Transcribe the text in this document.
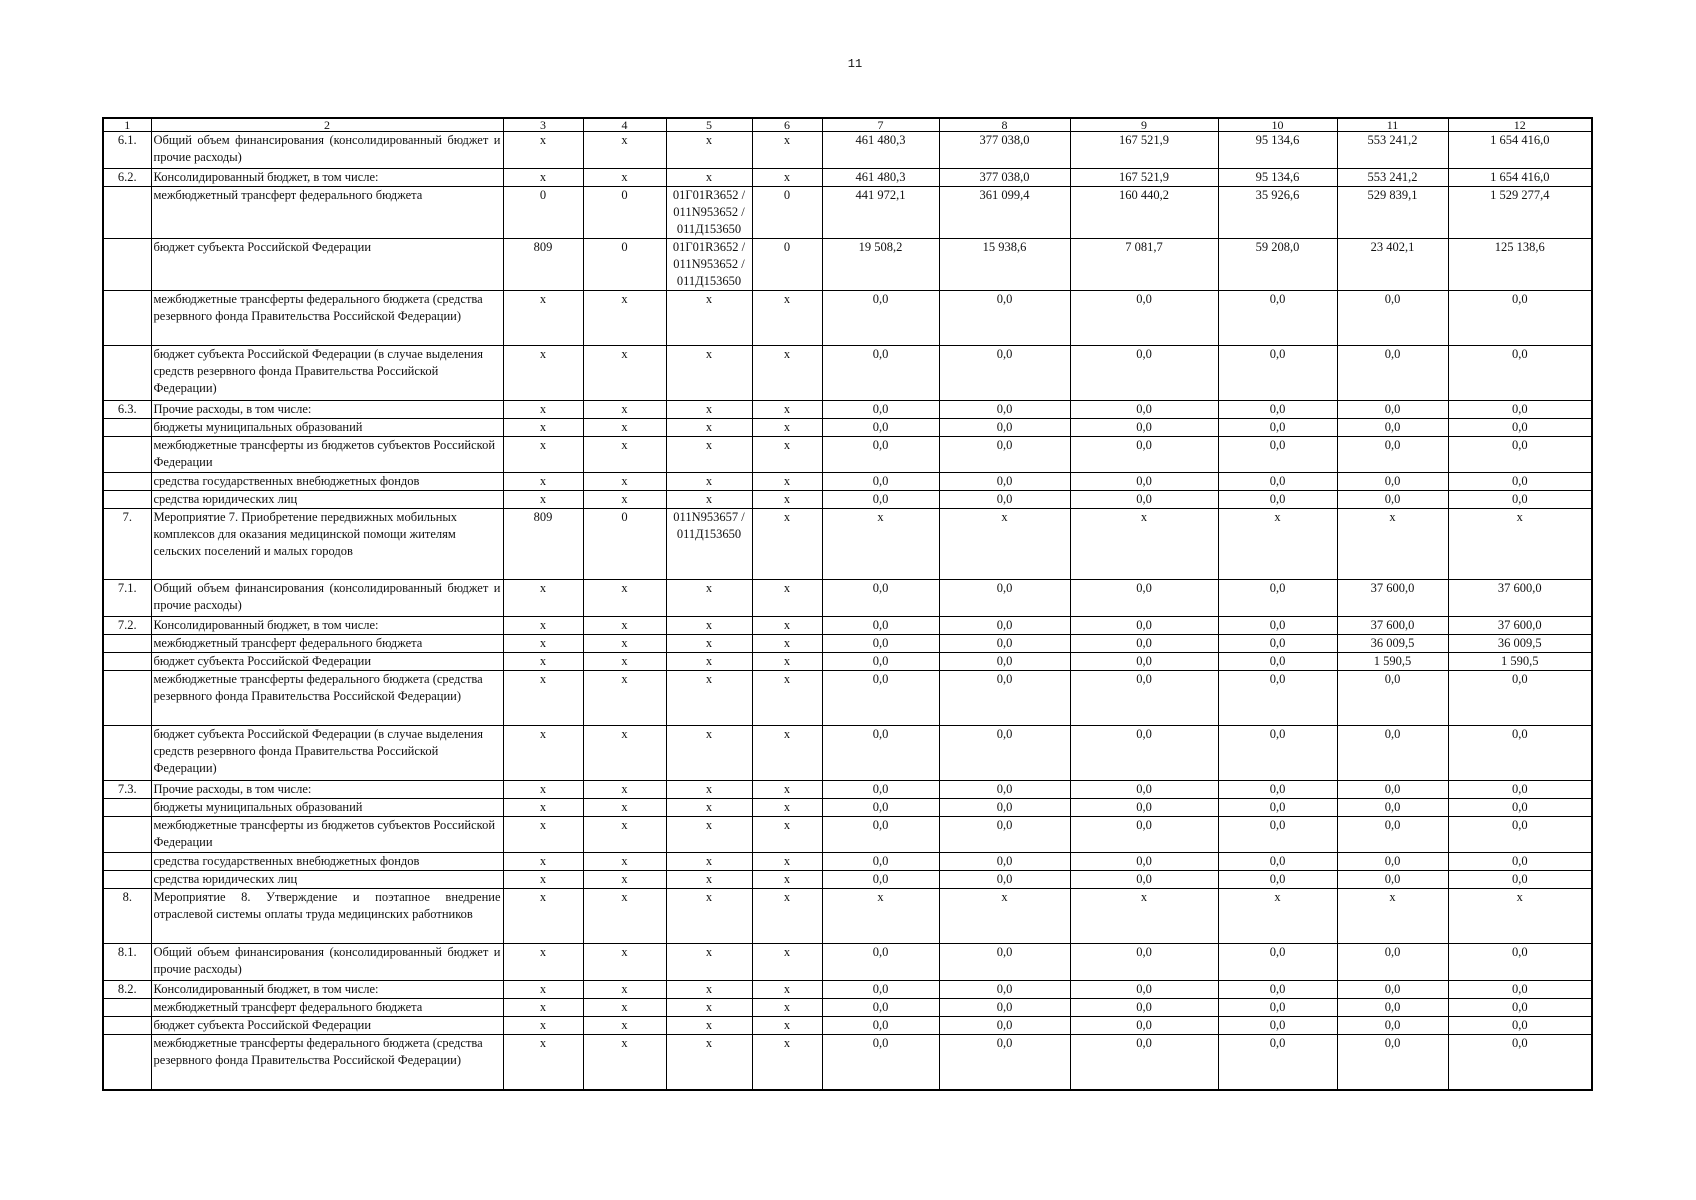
11
1	2	3	4	5	6	7	8	9	10	11	12
6.1.	Общий объем финансирования (консолидированный бюджет и прочие расходы)	х	х	х	х	461 480,3	377 038,0	167 521,9	95 134,6	553 241,2	1 654 416,0
6.2.	Консолидированный бюджет, в том числе:	х	х	х	х	461 480,3	377 038,0	167 521,9	95 134,6	553 241,2	1 654 416,0
	межбюджетный трансферт федерального бюджета	0	0	01Г01R3652 / 011N953652 / 011Д153650	0	441 972,1	361 099,4	160 440,2	35 926,6	529 839,1	1 529 277,4
	бюджет субъекта Российской Федерации	809	0	01Г01R3652 / 011N953652 / 011Д153650	0	19 508,2	15 938,6	7 081,7	59 208,0	23 402,1	125 138,6
	межбюджетные трансферты федерального бюджета (средства резервного фонда Правительства Российской Федерации)	х	х	х	х	0,0	0,0	0,0	0,0	0,0	0,0
	бюджет субъекта Российской Федерации (в случае выделения средств резервного фонда Правительства Российской Федерации)	х	х	х	х	0,0	0,0	0,0	0,0	0,0	0,0
6.3.	Прочие расходы, в том числе:	х	х	х	х	0,0	0,0	0,0	0,0	0,0	0,0
	бюджеты муниципальных образований	х	х	х	х	0,0	0,0	0,0	0,0	0,0	0,0
	межбюджетные трансферты из бюджетов субъектов Российской Федерации	х	х	х	х	0,0	0,0	0,0	0,0	0,0	0,0
	средства государственных внебюджетных фондов	х	х	х	х	0,0	0,0	0,0	0,0	0,0	0,0
	средства юридических лиц	х	х	х	х	0,0	0,0	0,0	0,0	0,0	0,0
7.	Мероприятие 7. Приобретение передвижных мобильных комплексов для оказания медицинской помощи жителям сельских поселений и малых городов	809	0	011N953657 / 011Д153650	х	х	х	х	х	х	х
7.1.	Общий объем финансирования (консолидированный бюджет и прочие расходы)	х	х	х	х	0,0	0,0	0,0	0,0	37 600,0	37 600,0
7.2.	Консолидированный бюджет, в том числе:	х	х	х	х	0,0	0,0	0,0	0,0	37 600,0	37 600,0
	межбюджетный трансферт федерального бюджета	х	х	х	х	0,0	0,0	0,0	0,0	36 009,5	36 009,5
	бюджет субъекта Российской Федерации	х	х	х	х	0,0	0,0	0,0	0,0	1 590,5	1 590,5
	межбюджетные трансферты федерального бюджета (средства резервного фонда Правительства Российской Федерации)	х	х	х	х	0,0	0,0	0,0	0,0	0,0	0,0
	бюджет субъекта Российской Федерации (в случае выделения средств резервного фонда Правительства Российской Федерации)	х	х	х	х	0,0	0,0	0,0	0,0	0,0	0,0
7.3.	Прочие расходы, в том числе:	х	х	х	х	0,0	0,0	0,0	0,0	0,0	0,0
	бюджеты муниципальных образований	х	х	х	х	0,0	0,0	0,0	0,0	0,0	0,0
	межбюджетные трансферты из бюджетов субъектов Российской Федерации	х	х	х	х	0,0	0,0	0,0	0,0	0,0	0,0
	средства государственных внебюджетных фондов	х	х	х	х	0,0	0,0	0,0	0,0	0,0	0,0
	средства юридических лиц	х	х	х	х	0,0	0,0	0,0	0,0	0,0	0,0
8.	Мероприятие 8. Утверждение и поэтапное внедрение отраслевой системы оплаты труда медицинских работников	х	х	х	х	х	х	х	х	х	х
8.1.	Общий объем финансирования (консолидированный бюджет и прочие расходы)	х	х	х	х	0,0	0,0	0,0	0,0	0,0	0,0
8.2.	Консолидированный бюджет, в том числе:	х	х	х	х	0,0	0,0	0,0	0,0	0,0	0,0
	межбюджетный трансферт федерального бюджета	х	х	х	х	0,0	0,0	0,0	0,0	0,0	0,0
	бюджет субъекта Российской Федерации	х	х	х	х	0,0	0,0	0,0	0,0	0,0	0,0
	межбюджетные трансферты федерального бюджета (средства резервного фонда Правительства Российской Федерации)	х	х	х	х	0,0	0,0	0,0	0,0	0,0	0,0
